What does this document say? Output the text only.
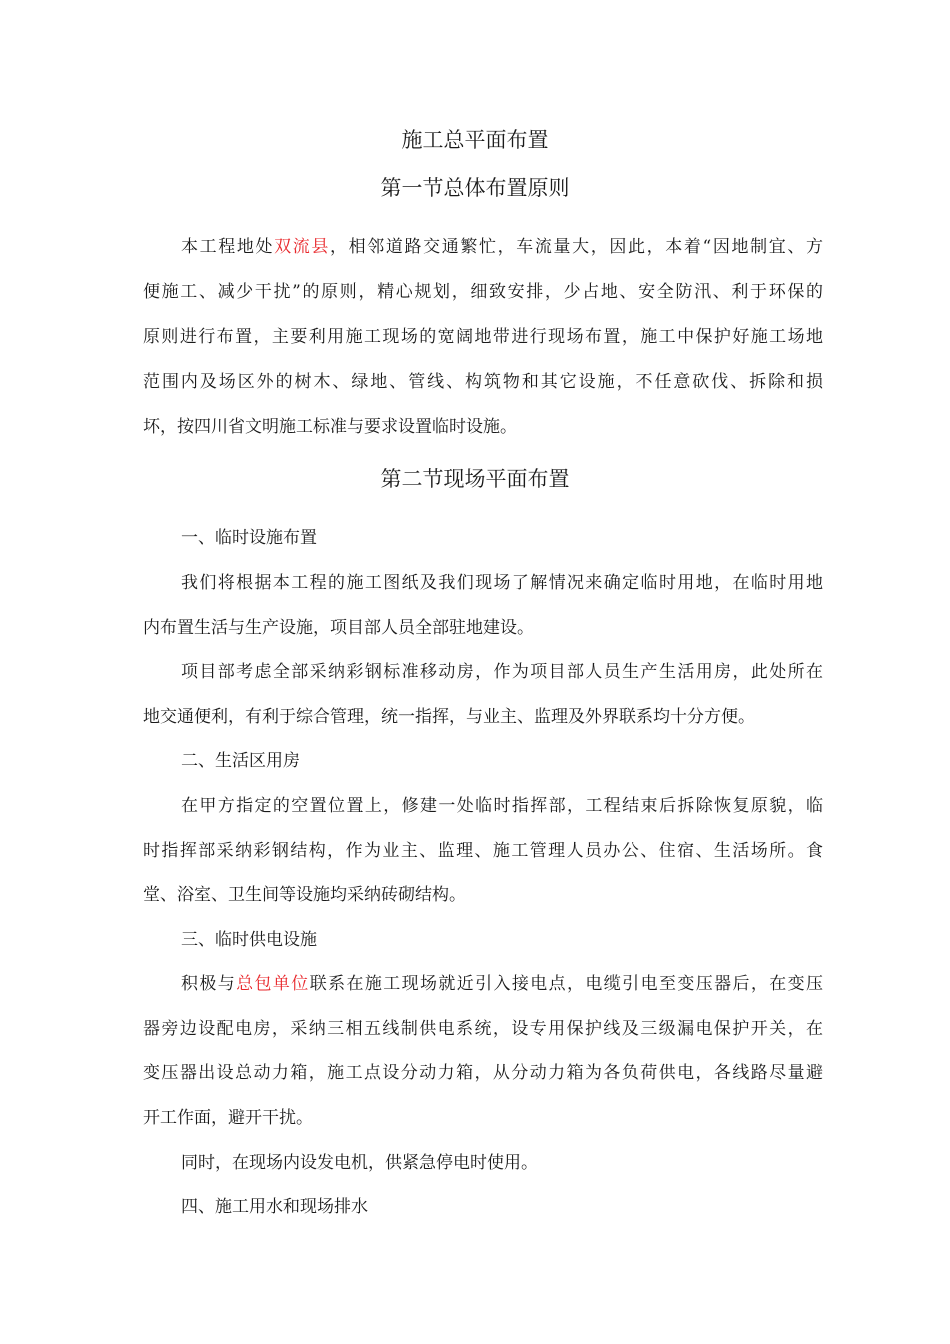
施工总平面布置
第一节总体布置原则
本工程地处双流县，相邻道路交通繁忙，车流量大，因此，本着“因地制宜、方
便施工、减少干扰”的原则，精心规划，细致安排，少占地、安全防汛、利于环保的
原则进行布置，主要利用施工现场的宽阔地带进行现场布置，施工中保护好施工场地
范围内及场区外的树木、绿地、管线、构筑物和其它设施，不任意砍伐、拆除和损
坏，按四川省文明施工标准与要求设置临时设施。
第二节现场平面布置
一、临时设施布置
我们将根据本工程的施工图纸及我们现场了解情况来确定临时用地，在临时用地
内布置生活与生产设施，项目部人员全部驻地建设。
项目部考虑全部采纳彩钢标准移动房，作为项目部人员生产生活用房，此处所在
地交通便利，有利于综合管理，统一指挥，与业主、监理及外界联系均十分方便。
二、生活区用房
在甲方指定的空置位置上，修建一处临时指挥部，工程结束后拆除恢复原貌，临
时指挥部采纳彩钢结构，作为业主、监理、施工管理人员办公、住宿、生活场所。食
堂、浴室、卫生间等设施均采纳砖砌结构。
三、临时供电设施
积极与总包单位联系在施工现场就近引入接电点，电缆引电至变压器后，在变压
器旁边设配电房，采纳三相五线制供电系统，设专用保护线及三级漏电保护开关，在
变压器出设总动力箱，施工点设分动力箱，从分动力箱为各负荷供电，各线路尽量避
开工作面，避开干扰。
同时，在现场内设发电机，供紧急停电时使用。
四、施工用水和现场排水
